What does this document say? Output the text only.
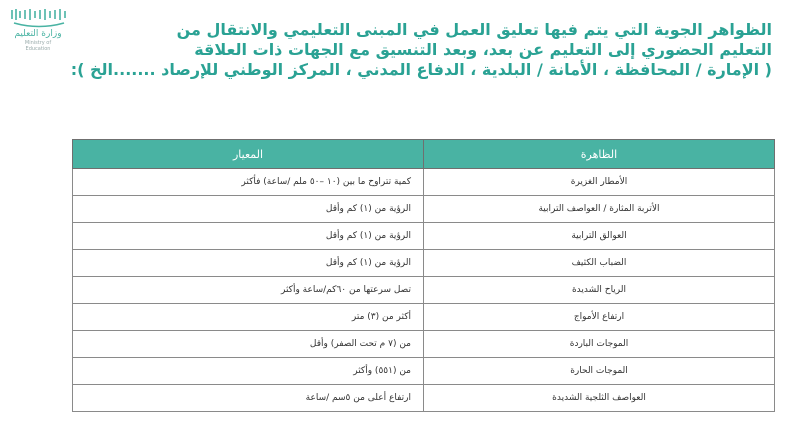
وزارة التعليم
Ministry of Education

الظواهر الجوية التي يتم فيها تعليق العمل في المبنى التعليمي والانتقال من

التعليم الحضوري إلى التعليم عن بعد، وبعد التنسيق مع الجهات ذات العلاقة

( الإمارة / المحافظة ، الأمانة / البلدية ، الدفاع المدني ، المركز الوطني للإرصاد .......الخ ):

الظاهرة	المعيار
الأمطار الغزيرة	كمية تتراوح ما بين (١٠ –٥٠ ملم /ساعة) فأكثر
الأتربة المثارة / العواصف الترابية	الرؤية من (١) كم وأقل
العوالق الترابية	الرؤية من (١) كم وأقل
الضباب الكثيف	الرؤية من (١) كم وأقل
الرياح الشديدة	تصل سرعتها من ٦٠كم/ساعة وأكثر
ارتفاع الأمواج	أكثر من (٣) متر
الموجات الباردة	من (٧ م تحت الصفر) وأقل
الموجات الحارة	من (٥٥١) وأكثر
العواصف الثلجية الشديدة	ارتفاع أعلى من ٥سم /ساعة
